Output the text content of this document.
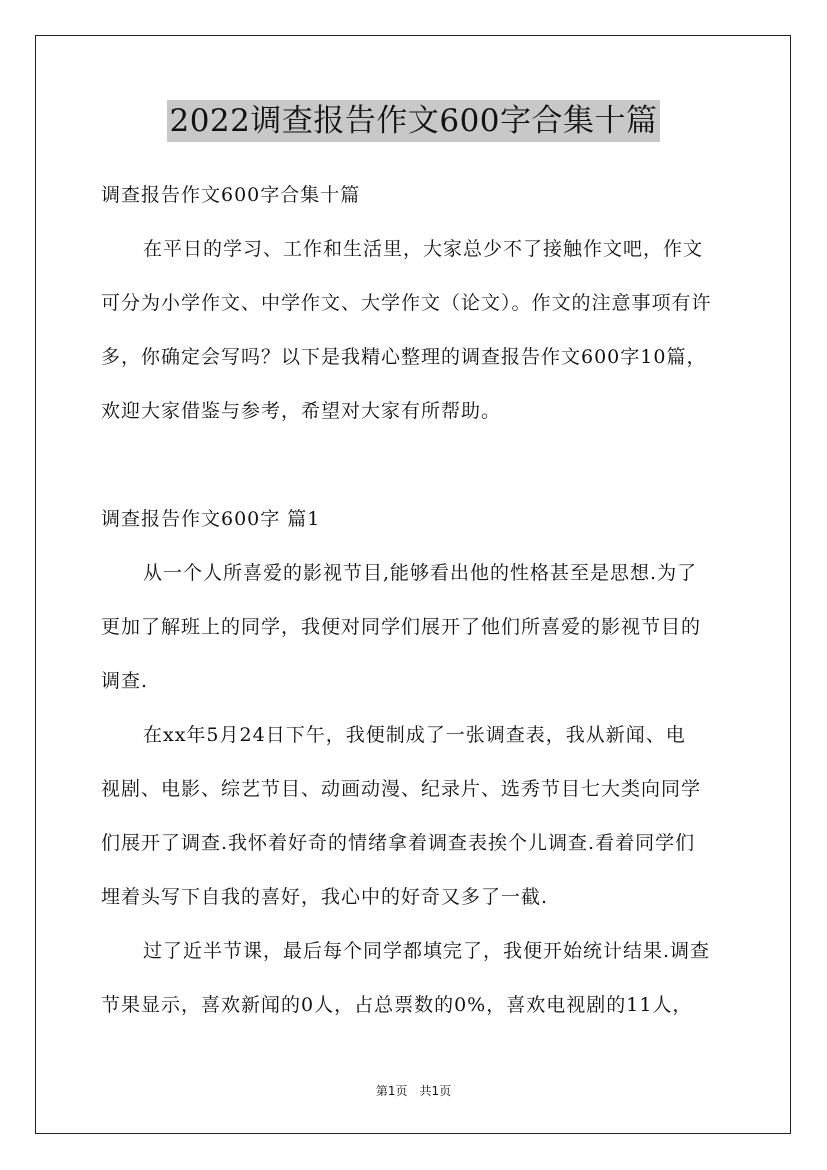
2022调查报告作文600字合集十篇

调查报告作文600字合集十篇

在平日的学习、工作和生活里，大家总少不了接触作文吧，作文
可分为小学作文、中学作文、大学作文（论文）。作文的注意事项有许
多，你确定会写吗？以下是我精心整理的调查报告作文600字10篇，
欢迎大家借鉴与参考，希望对大家有所帮助。

调查报告作文600字 篇1

从一个人所喜爱的影视节目,能够看出他的性格甚至是思想.为了
更加了解班上的同学，我便对同学们展开了他们所喜爱的影视节目的
调查.
在xx年5月24日下午，我便制成了一张调查表，我从新闻、电
视剧、电影、综艺节目、动画动漫、纪录片、选秀节目七大类向同学
们展开了调查.我怀着好奇的情绪拿着调查表挨个儿调查.看着同学们
埋着头写下自我的喜好，我心中的好奇又多了一截.
过了近半节课，最后每个同学都填完了，我便开始统计结果.调查
节果显示，喜欢新闻的0人，占总票数的0%，喜欢电视剧的11人，
第1页 共1页
